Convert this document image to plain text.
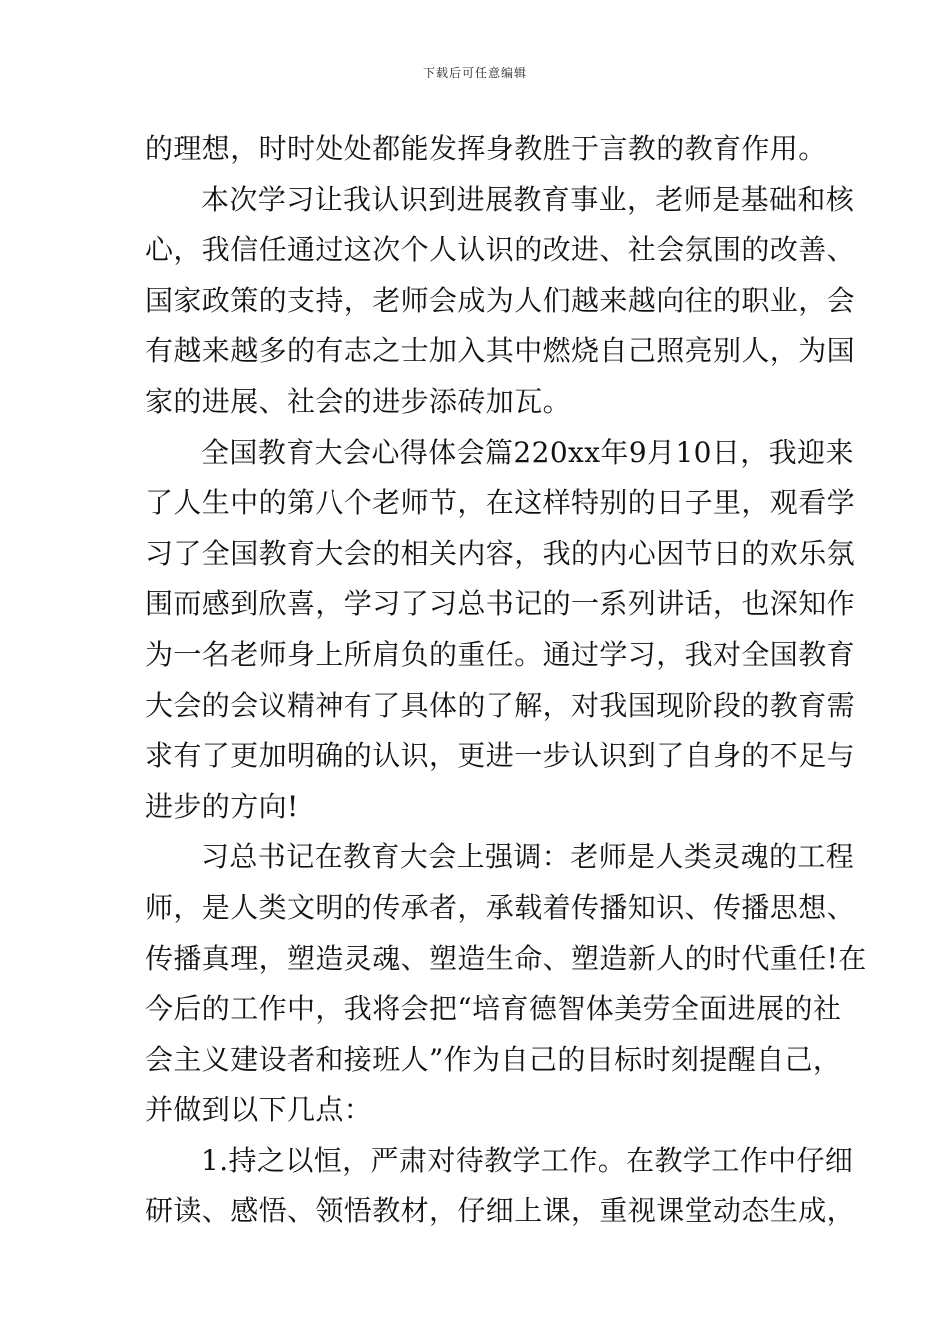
下载后可任意编辑
的理想，时时处处都能发挥身教胜于言教的教育作用。
本次学习让我认识到进展教育事业，老师是基础和核
心，我信任通过这次个人认识的改进、社会氛围的改善、
国家政策的支持，老师会成为人们越来越向往的职业，会
有越来越多的有志之士加入其中燃烧自己照亮别人，为国
家的进展、社会的进步添砖加瓦。
全国教育大会心得体会篇220xx年9月10日，我迎来
了人生中的第八个老师节，在这样特别的日子里，观看学
习了全国教育大会的相关内容，我的内心因节日的欢乐氛
围而感到欣喜，学习了习总书记的一系列讲话，也深知作
为一名老师身上所肩负的重任。通过学习，我对全国教育
大会的会议精神有了具体的了解，对我国现阶段的教育需
求有了更加明确的认识，更进一步认识到了自身的不足与
进步的方向!
习总书记在教育大会上强调：老师是人类灵魂的工程
师，是人类文明的传承者，承载着传播知识、传播思想、
传播真理，塑造灵魂、塑造生命、塑造新人的时代重任!在
今后的工作中，我将会把“培育德智体美劳全面进展的社
会主义建设者和接班人”作为自己的目标时刻提醒自己，
并做到以下几点：
1.持之以恒，严肃对待教学工作。在教学工作中仔细
研读、感悟、领悟教材，仔细上课，重视课堂动态生成，
